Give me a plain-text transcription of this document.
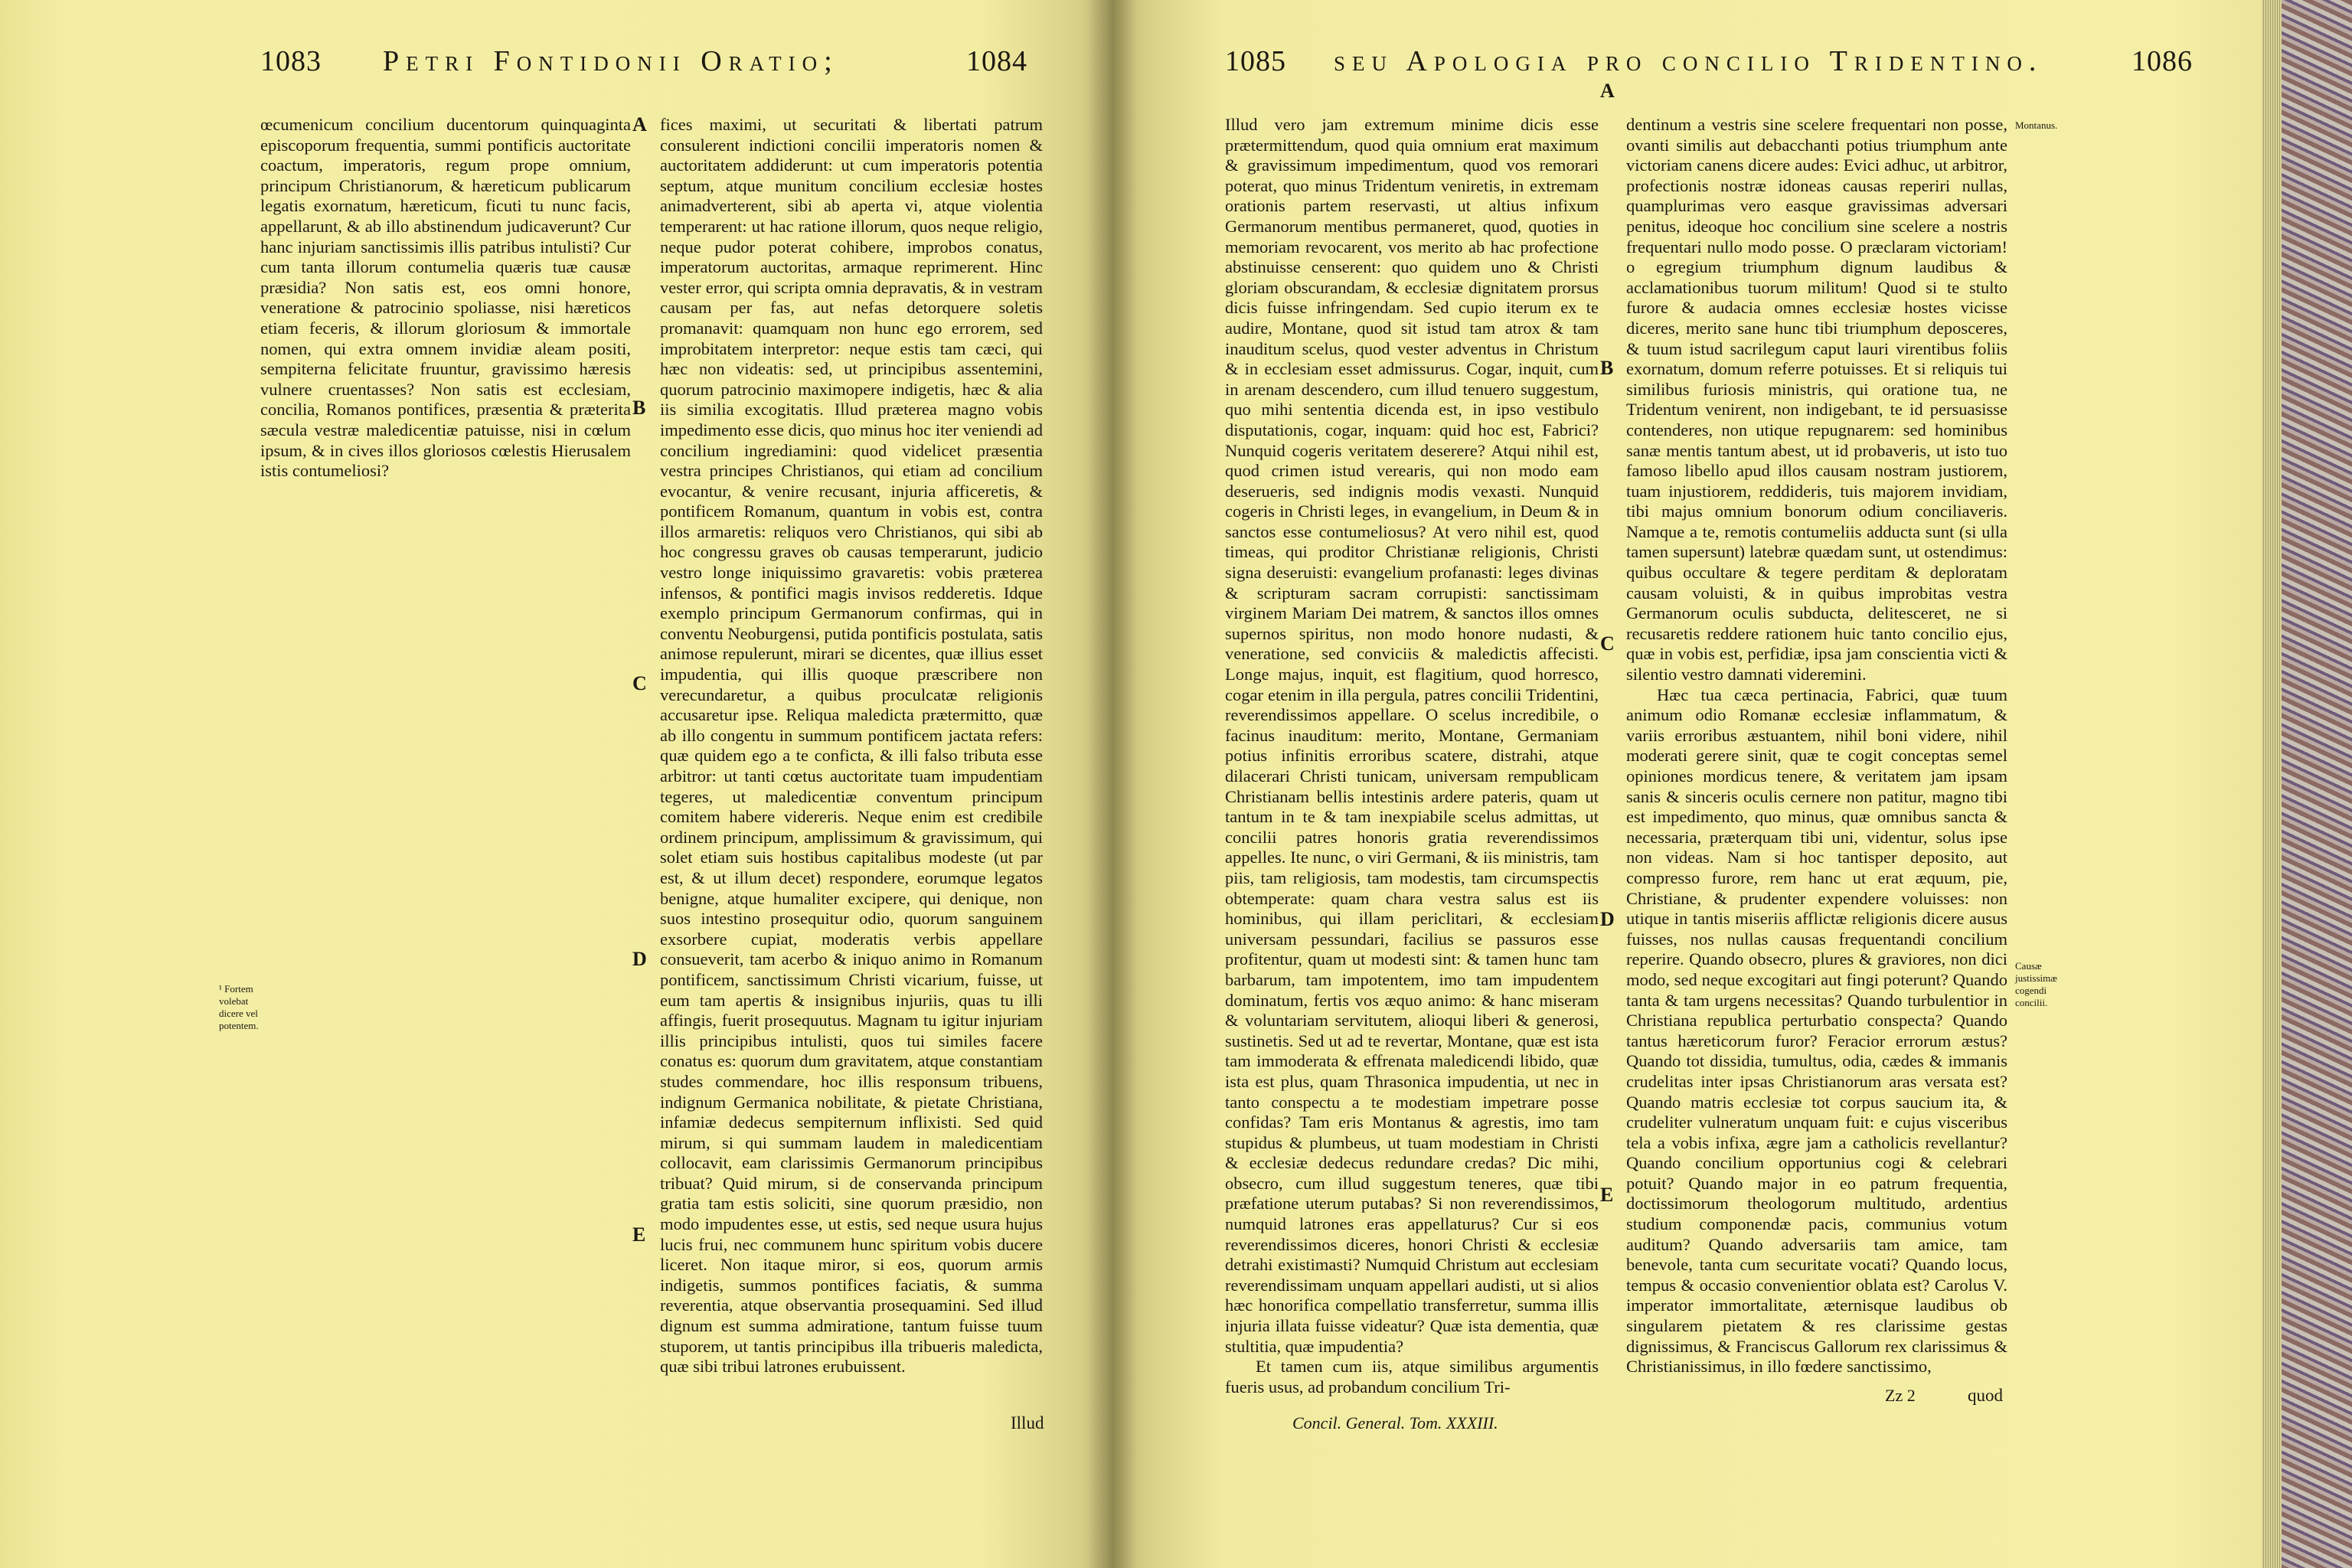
1083 Petri Fontidonii Oratio;	1084
¹ Fortem volebat dicere vel potentem.

œcumenicum concilium ducentorum quinquaginta episcoporum frequentia, summi pontificis auctoritate coactum, imperatoris, regum prope omnium, principum Christianorum, & hæreticum publicarum legatis exornatum, hæreticum, ficuti tu nunc facis, appellarunt, & ab illo abstinendum judicaverunt? Cur hanc injuriam sanctissimis illis patribus intulisti? Cur cum tanta illorum contumelia quæris tuæ causæ præsidia? Non satis est, eos omni honore, veneratione & patrocinio spoliasse, nisi hæreticos etiam feceris, & illorum gloriosum & immortale nomen, qui extra omnem invidiæ aleam positi, sempiterna felicitate fruuntur, gravissimo hæresis vulnere cruentasses? Non satis est ecclesiam, concilia, Romanos pontifices, præsentia & præterita sæcula vestræ maledicentiæ patuisse, nisi in cœlum ipsum, & in cives illos gloriosos cœlestis Hierusalem istis contumeliosi?

A
B
C
D
E

fices maximi, ut securitati & libertati patrum consulerent indictioni concilii imperatoris nomen & auctoritatem addiderunt: ut cum imperatoris potentia septum, atque munitum concilium ecclesiæ hostes animadverterent, sibi ab aperta vi, atque violentia temperarent: ut hac ratione illorum, quos neque religio, neque pudor poterat cohibere, improbos conatus, imperatorum auctoritas, armaque reprimerent. Hinc vester error, qui scripta omnia depravatis, & in vestram causam per fas, aut nefas detorquere soletis promanavit: quamquam non hunc ego errorem, sed improbitatem interpretor: neque estis tam cæci, qui hæc non videatis: sed, ut principibus assentemini, quorum patrocinio maximopere indigetis, hæc & alia iis similia excogitatis. Illud præterea magno vobis impedimento esse dicis, quo minus hoc iter veniendi ad concilium ingrediamini: quod videlicet præsentia vestra principes Christianos, qui etiam ad concilium evocantur, & venire recusant, injuria afficeretis, & pontificem Romanum, quantum in vobis est, contra illos armaretis: reliquos vero Christianos, qui sibi ab hoc congressu graves ob causas temperarunt, judicio vestro longe iniquissimo gravaretis: vobis præterea infensos, & pontifici magis invisos redderetis. Idque exemplo principum Germanorum confirmas, qui in conventu Neoburgensi, putida pontificis postulata, satis animose repulerunt, mirari se dicentes, quæ illius esset impudentia, qui illis quoque præscribere non verecundaretur, a quibus proculcatæ religionis accusaretur ipse. Reliqua maledicta prætermitto, quæ ab illo congentu in summum pontificem jactata refers: quæ quidem ego a te conficta, & illi falso tributa esse arbitror: ut tanti cœtus auctoritate tuam impudentiam tegeres, ut maledicentiæ conventum principum comitem habere videreris. Neque enim est credibile ordinem principum, amplissimum & gravissimum, qui solet etiam suis hostibus capitalibus modeste (ut par est, & ut illum decet) respondere, eorumque legatos benigne, atque humaliter excipere, qui denique, non suos intestino prosequitur odio, quorum sanguinem exsorbere cupiat, moderatis verbis appellare consueverit, tam acerbo & iniquo animo in Romanum pontificem, sanctissimum Christi vicarium, fuisse, ut eum tam apertis & insignibus injuriis, quas tu illi affingis, fuerit prosequutus. Magnam tu igitur injuriam illis principibus intulisti, quos tui similes facere conatus es: quorum dum gravitatem, atque constantiam studes commendare, hoc illis responsum tribuens, indignum Germanica nobilitate, & pietate Christiana, infamiæ dedecus sempiternum inflixisti. Sed quid mirum, si qui summam laudem in maledicentiam collocavit, eam clarissimis Germanorum principibus tribuat? Quid mirum, si de conservanda principum gratia tam estis soliciti, sine quorum præsidio, non modo impudentes esse, ut estis, sed neque usura hujus lucis frui, nec communem hunc spiritum vobis ducere liceret. Non itaque miror, si eos, quorum armis indigetis, summos pontifices faciatis, & summa reverentia, atque observantia prosequamini. Sed illud dignum est summa admiratione, tantum fuisse tuum stuporem, ut tantis principibus illa tribueris maledicta, quæ sibi tribui latrones erubuissent.

Illud
1085 seu Apologia pro concilio Tridentino.	1086

Illud vero jam extremum minime dicis esse prætermittendum, quod quia omnium erat maximum & gravissimum impedimentum, quod vos remorari poterat, quo minus Tridentum veniretis, in extremam orationis partem reservasti, ut altius infixum Germanorum mentibus permaneret, quod, quoties in memoriam revocarent, vos merito ab hac profectione abstinuisse censerent: quo quidem uno & Christi gloriam obscurandam, & ecclesiæ dignitatem prorsus dicis fuisse infringendam. Sed cupio iterum ex te audire, Montane, quod sit istud tam atrox & tam inauditum scelus, quod vester adventus in Christum & in ecclesiam esset admissurus. Cogar, inquit, cum in arenam descendero, cum illud tenuero suggestum, quo mihi sententia dicenda est, in ipso vestibulo disputationis, cogar, inquam: quid hoc est, Fabrici? Nunquid cogeris veritatem deserere? Atqui nihil est, quod crimen istud verearis, qui non modo eam deserueris, sed indignis modis vexasti. Nunquid cogeris in Christi leges, in evangelium, in Deum & in sanctos esse contumeliosus? At vero nihil est, quod timeas, qui proditor Christianæ religionis, Christi signa deseruisti: evangelium profanasti: leges divinas & scripturam sacram corrupisti: sanctissimam virginem Mariam Dei matrem, & sanctos illos omnes supernos spiritus, non modo honore nudasti, & veneratione, sed conviciis & maledictis affecisti. Longe majus, inquit, est flagitium, quod horresco, cogar etenim in illa pergula, patres concilii Tridentini, reverendissimos appellare. O scelus incredibile, o facinus inauditum: merito, Montane, Germaniam potius infinitis erroribus scatere, distrahi, atque dilacerari Christi tunicam, universam rempublicam Christianam bellis intestinis ardere pateris, quam ut tantum in te & tam inexpiabile scelus admittas, ut concilii patres honoris gratia reverendissimos appelles. Ite nunc, o viri Germani, & iis ministris, tam piis, tam religiosis, tam modestis, tam circumspectis obtemperate: quam chara vestra salus est iis hominibus, qui illam periclitari, & ecclesiam universam pessundari, facilius se passuros esse profitentur, quam ut modesti sint: & tamen hunc tam barbarum, tam impotentem, imo tam impudentem dominatum, fertis vos æquo animo: & hanc miseram & voluntariam servitutem, alioqui liberi & generosi, sustinetis. Sed ut ad te revertar, Montane, quæ est ista tam immoderata & effrenata maledicendi libido, quæ ista est plus, quam Thrasonica impudentia, ut nec in tanto conspectu a te modestiam impetrare posse confidas? Tam eris Montanus & agrestis, imo tam stupidus & plumbeus, ut tuam modestiam in Christi & ecclesiæ dedecus redundare credas? Dic mihi, obsecro, cum illud suggestum teneres, quæ tibi præfatione uterum putabas? Si non reverendissimos, numquid latrones eras appellaturus? Cur si eos reverendissimos diceres, honori Christi & ecclesiæ detrahi existimasti? Numquid Christum aut ecclesiam reverendissimam unquam appellari audisti, ut si alios hæc honorifica compellatio transferretur, summa illis injuria illata fuisse videatur? Quæ ista dementia, quæ stultitia, quæ impudentia?

Et tamen cum iis, atque similibus argumentis fueris usus, ad probandum concilium Tri-

A
B
C
D
E

dentinum a vestris sine scelere frequentari non posse, ovanti similis aut debacchanti potius triumphum ante victoriam canens dicere audes: Evici adhuc, ut arbitror, profectionis nostræ idoneas causas reperiri nullas, quamplurimas vero easque gravissimas adversari penitus, ideoque hoc concilium sine scelere a nostris frequentari nullo modo posse. O præclaram victoriam! o egregium triumphum dignum laudibus & acclamationibus tuorum militum! Quod si te stulto furore & audacia omnes ecclesiæ hostes vicisse diceres, merito sane hunc tibi triumphum deposceres, & tuum istud sacrilegum caput lauri virentibus foliis exornatum, domum referre potuisses. Et si reliquis tui similibus furiosis ministris, qui oratione tua, ne Tridentum venirent, non indigebant, te id persuasisse contenderes, non utique repugnarem: sed hominibus sanæ mentis tantum abest, ut id probaveris, ut isto tuo famoso libello apud illos causam nostram justiorem, tuam injustiorem, reddideris, tuis majorem invidiam, tibi majus omnium bonorum odium conciliaveris. Namque a te, remotis contumeliis adducta sunt (si ulla tamen supersunt) latebræ quædam sunt, ut ostendimus: quibus occultare & tegere perditam & deploratam causam voluisti, & in quibus improbitas vestra Germanorum oculis subducta, delitesceret, ne si recusaretis reddere rationem huic tanto concilio ejus, quæ in vobis est, perfidiæ, ipsa jam conscientia victi & silentio vestro damnati videremini.

Hæc tua cæca pertinacia, Fabrici, quæ tuum animum odio Romanæ ecclesiæ inflammatum, & variis erroribus æstuantem, nihil boni videre, nihil moderati gerere sinit, quæ te cogit conceptas semel opiniones mordicus tenere, & veritatem jam ipsam sanis & sinceris oculis cernere non patitur, magno tibi est impedimento, quo minus, quæ omnibus sancta & necessaria, præterquam tibi uni, videntur, solus ipse non videas. Nam si hoc tantisper deposito, aut compresso furore, rem hanc ut erat æquum, pie, Christiane, & prudenter expendere voluisses: non utique in tantis miseriis afflictæ religionis dicere ausus fuisses, nos nullas causas frequentandi concilium reperire. Quando obsecro, plures & graviores, non dici modo, sed neque excogitari aut fingi poterunt? Quando tanta & tam urgens necessitas? Quando turbulentior in Christiana republica perturbatio conspecta? Quando tantus hæreticorum furor? Feracior errorum æstus? Quando tot dissidia, tumultus, odia, cædes & immanis crudelitas inter ipsas Christianorum aras versata est? Quando matris ecclesiæ tot corpus saucium ita, & crudeliter vulneratum unquam fuit: e cujus visceribus tela a vobis infixa, ægre jam a catholicis revellantur? Quando concilium opportunius cogi & celebrari potuit? Quando major in eo patrum frequentia, doctissimorum theologorum multitudo, ardentius studium componendæ pacis, communius votum auditum? Quando adversariis tam amice, tam benevole, tanta cum securitate vocati? Quando locus, tempus & occasio convenientior oblata est? Carolus V. imperator immortalitate, æternisque laudibus ob singularem pietatem & res clarissime gestas dignissimus, & Franciscus Gallorum rex clarissimus & Christianissimus, in illo fœdere sanctissimo,

Montanus.
Causæ justissimæ cogendi concilii.
Concil. General. Tom. XXXIII.
Zz 2	quod
